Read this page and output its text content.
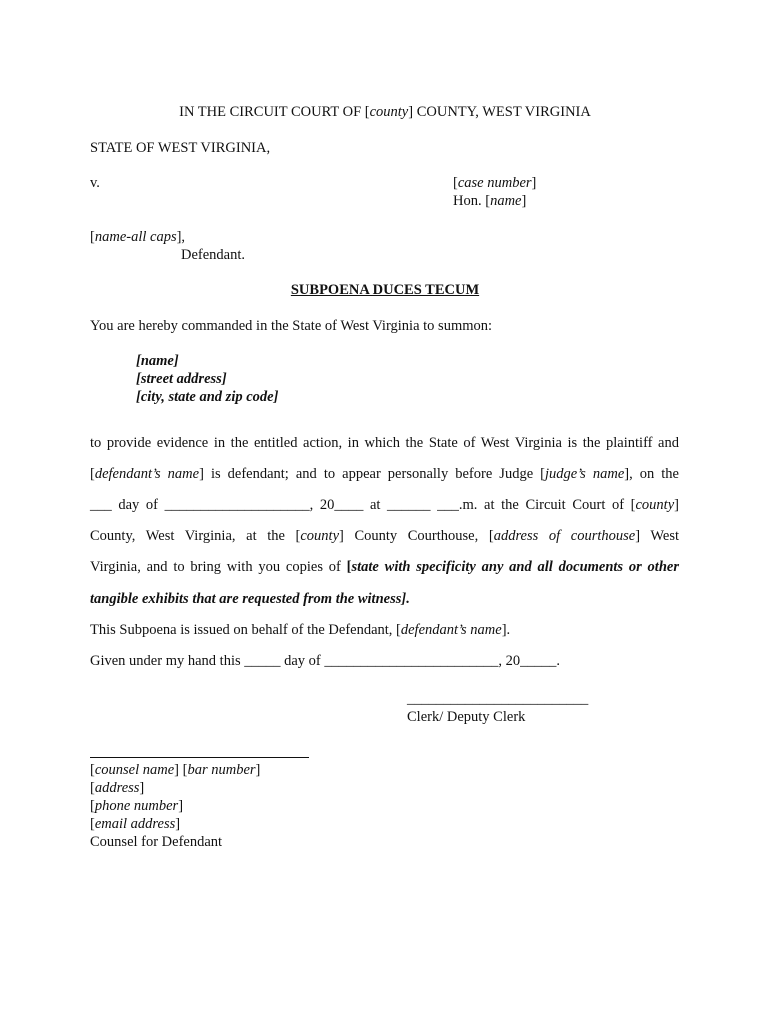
IN THE CIRCUIT COURT OF [county] COUNTY, WEST VIRGINIA
STATE OF WEST VIRGINIA,
v.	[case number]
Hon. [name]
[name-all caps],
Defendant.
SUBPOENA DUCES TECUM
You are hereby commanded in the State of West Virginia to summon:
[name]
[street address]
[city, state and zip code]
to provide evidence in the entitled action, in which the State of West Virginia is the plaintiff and
[defendant’s name] is defendant; and to appear personally before Judge [judge’s name], on the
___ day of ____________________, 20____ at ______ ___.m. at the Circuit Court of [county]
County, West Virginia, at the [county] County Courthouse, [address of courthouse] West
Virginia, and to bring with you copies of [state with specificity any and all documents or other
tangible exhibits that are requested from the witness].
This Subpoena is issued on behalf of the Defendant, [defendant’s name].
Given under my hand this _____ day of ________________________, 20_____.
_________________________
Clerk/ Deputy Clerk
[counsel name] [bar number]
[address]
[phone number]
[email address]
Counsel for Defendant
